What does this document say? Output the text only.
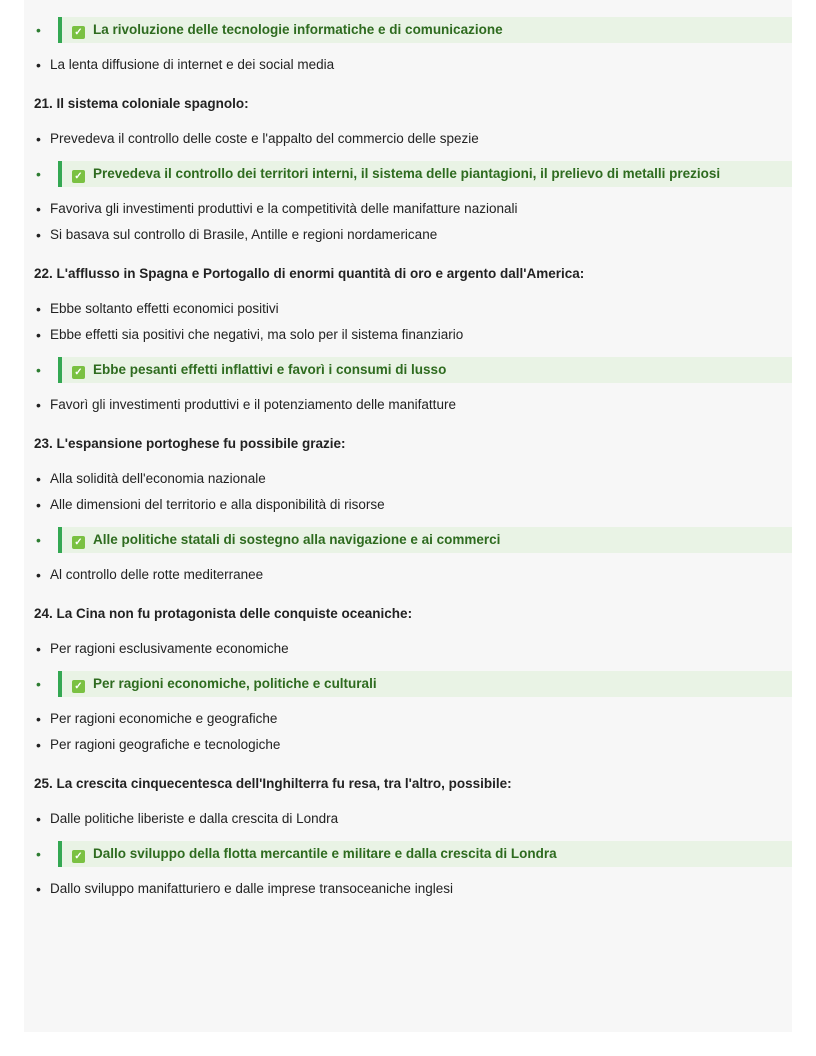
• ✓ La rivoluzione delle tecnologie informatiche e di comunicazione
• La lenta diffusione di internet e dei social media
21. Il sistema coloniale spagnolo:
• Prevedeva il controllo delle coste e l'appalto del commercio delle spezie
• ✓ Prevedeva il controllo dei territori interni, il sistema delle piantagioni, il prelievo di metalli preziosi
• Favoriva gli investimenti produttivi e la competitività delle manifatture nazionali
• Si basava sul controllo di Brasile, Antille e regioni nordamericane
22. L'afflusso in Spagna e Portogallo di enormi quantità di oro e argento dall'America:
• Ebbe soltanto effetti economici positivi
• Ebbe effetti sia positivi che negativi, ma solo per il sistema finanziario
• ✓ Ebbe pesanti effetti inflattivi e favorì i consumi di lusso
• Favorì gli investimenti produttivi e il potenziamento delle manifatture
23. L'espansione portoghese fu possibile grazie:
• Alla solidità dell'economia nazionale
• Alle dimensioni del territorio e alla disponibilità di risorse
• ✓ Alle politiche statali di sostegno alla navigazione e ai commerci
• Al controllo delle rotte mediterranee
24. La Cina non fu protagonista delle conquiste oceaniche:
• Per ragioni esclusivamente economiche
• ✓ Per ragioni economiche, politiche e culturali
• Per ragioni economiche e geografiche
• Per ragioni geografiche e tecnologiche
25. La crescita cinquecentesca dell'Inghilterra fu resa, tra l'altro, possibile:
• Dalle politiche liberiste e dalla crescita di Londra
• ✓ Dallo sviluppo della flotta mercantile e militare e dalla crescita di Londra
• Dallo sviluppo manifatturiero e dalle imprese transoceaniche inglesi
